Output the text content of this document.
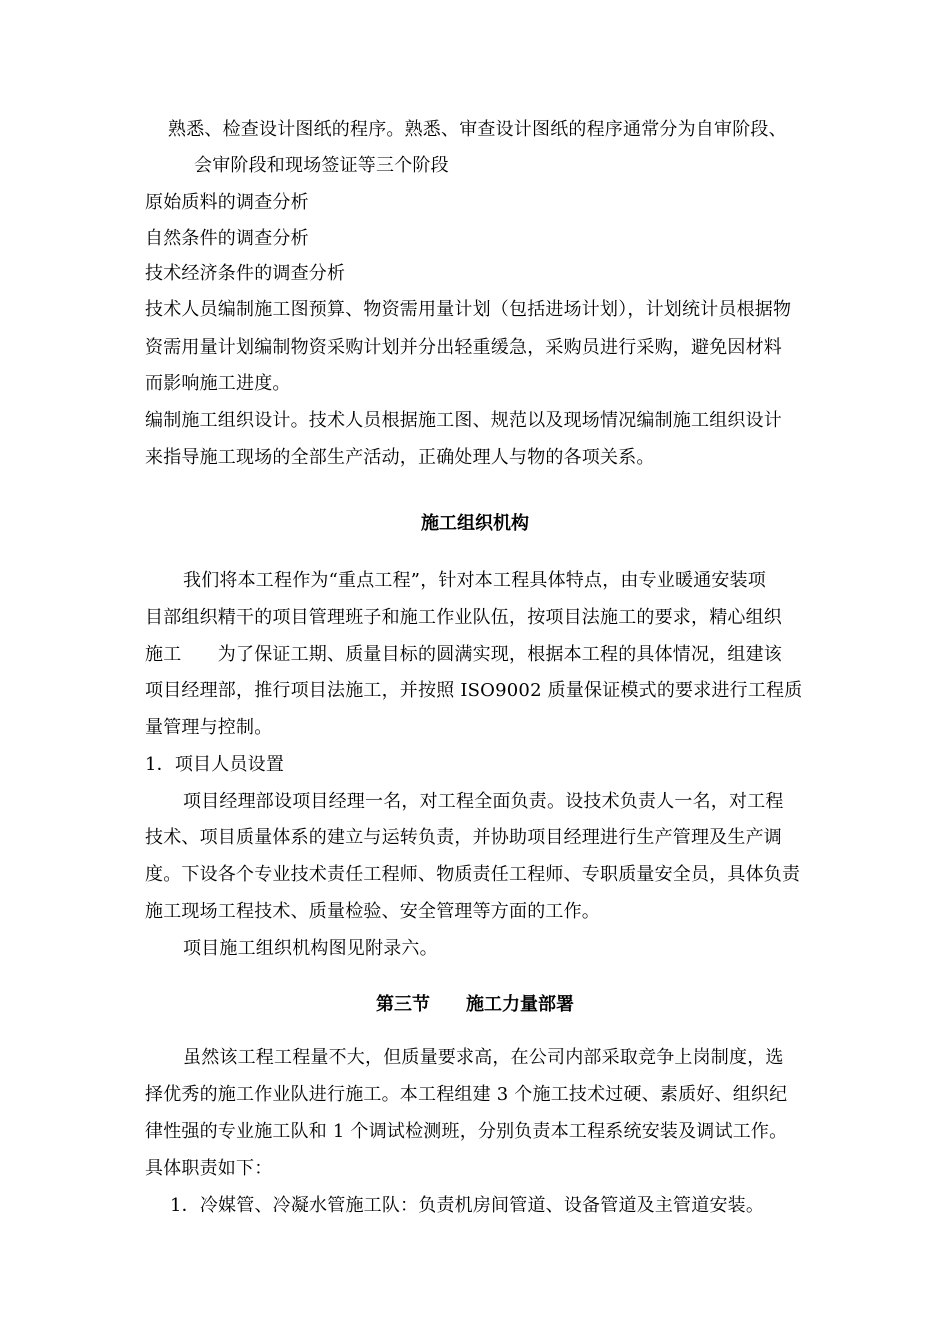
熟悉、检查设计图纸的程序。熟悉、审查设计图纸的程序通常分为自审阶段、
会审阶段和现场签证等三个阶段
原始质料的调查分析
自然条件的调查分析
技术经济条件的调查分析
技术人员编制施工图预算、物资需用量计划（包括进场计划），计划统计员根据物
资需用量计划编制物资采购计划并分出轻重缓急，采购员进行采购，避免因材料
而影响施工进度。
编制施工组织设计。技术人员根据施工图、规范以及现场情况编制施工组织设计
来指导施工现场的全部生产活动，正确处理人与物的各项关系。
施工组织机构
我们将本工程作为“重点工程”，针对本工程具体特点，由专业暖通安装项
目部组织精干的项目管理班子和施工作业队伍，按项目法施工的要求，精心组织
施工　　为了保证工期、质量目标的圆满实现，根据本工程的具体情况，组建该
项目经理部，推行项目法施工，并按照 ISO9002 质量保证模式的要求进行工程质
量管理与控制。
1．项目人员设置
项目经理部设项目经理一名，对工程全面负责。设技术负责人一名，对工程
技术、项目质量体系的建立与运转负责，并协助项目经理进行生产管理及生产调
度。下设各个专业技术责任工程师、物质责任工程师、专职质量安全员，具体负责
施工现场工程技术、质量检验、安全管理等方面的工作。
项目施工组织机构图见附录六。
第三节　　施工力量部署
虽然该工程工程量不大，但质量要求高，在公司内部采取竞争上岗制度，选
择优秀的施工作业队进行施工。本工程组建 3 个施工技术过硬、素质好、组织纪
律性强的专业施工队和 1 个调试检测班，分别负责本工程系统安装及调试工作。
具体职责如下：
1．冷媒管、冷凝水管施工队：负责机房间管道、设备管道及主管道安装。
